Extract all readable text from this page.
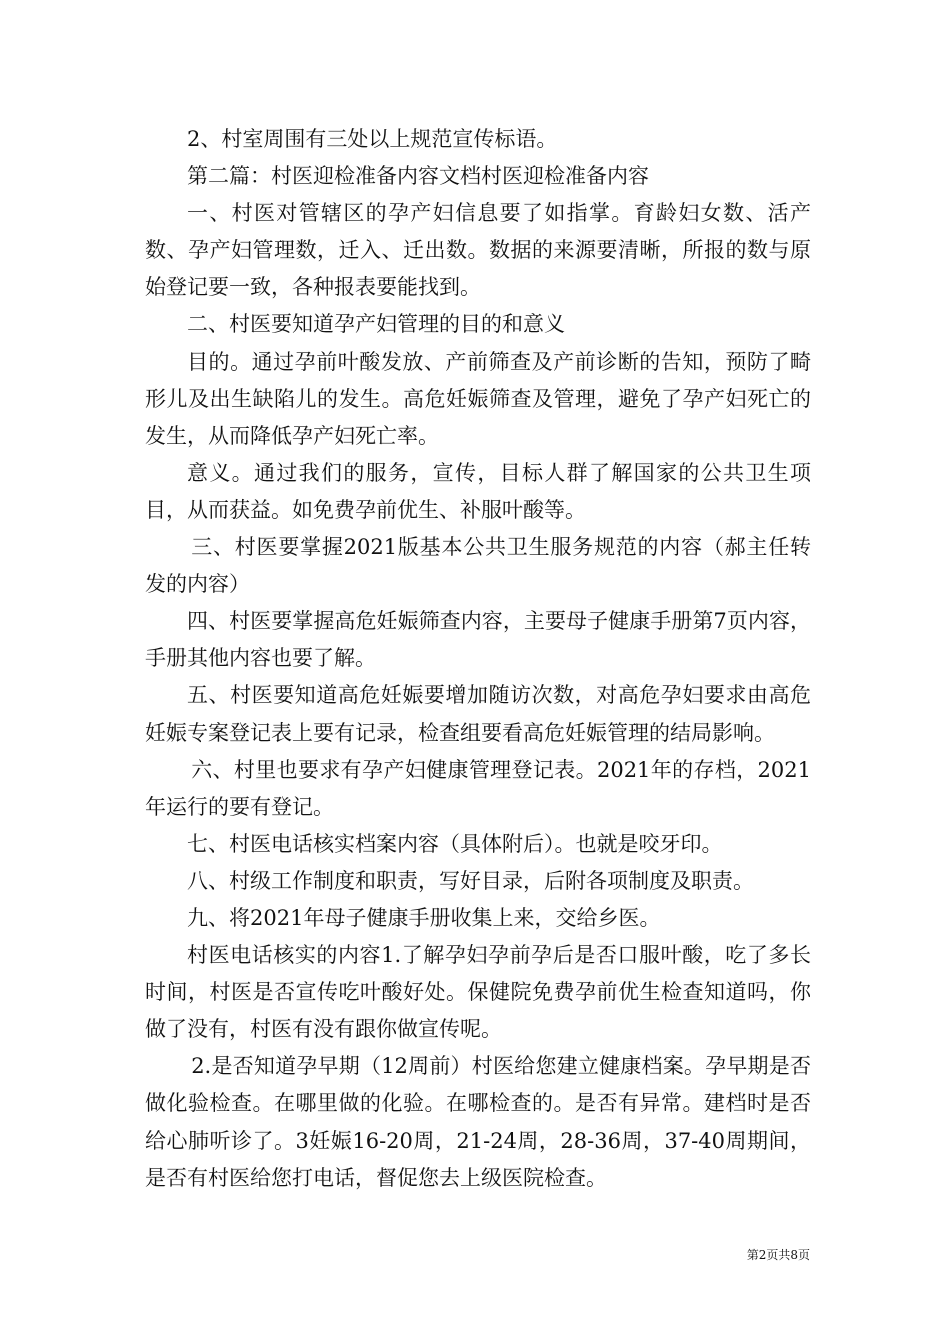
2、村室周围有三处以上规范宣传标语。

第二篇：村医迎检准备内容文档村医迎检准备内容

一、村医对管辖区的孕产妇信息要了如指掌。育龄妇女数、活产数、孕产妇管理数，迁入、迁出数。数据的来源要清晰，所报的数与原始登记要一致，各种报表要能找到。

二、村医要知道孕产妇管理的目的和意义

目的。通过孕前叶酸发放、产前筛查及产前诊断的告知，预防了畸形儿及出生缺陷儿的发生。高危妊娠筛查及管理，避免了孕产妇死亡的发生，从而降低孕产妇死亡率。

意义。通过我们的服务，宣传，目标人群了解国家的公共卫生项目，从而获益。如免费孕前优生、补服叶酸等。

三、村医要掌握2021版基本公共卫生服务规范的内容（郝主任转发的内容）

四、村医要掌握高危妊娠筛查内容，主要母子健康手册第7页内容，手册其他内容也要了解。

五、村医要知道高危妊娠要增加随访次数，对高危孕妇要求由高危妊娠专案登记表上要有记录，检查组要看高危妊娠管理的结局影响。

六、村里也要求有孕产妇健康管理登记表。2021年的存档，2021年运行的要有登记。

七、村医电话核实档案内容（具体附后）。也就是咬牙印。

八、村级工作制度和职责，写好目录，后附各项制度及职责。

九、将2021年母子健康手册收集上来，交给乡医。

村医电话核实的内容1.了解孕妇孕前孕后是否口服叶酸，吃了多长时间，村医是否宣传吃叶酸好处。保健院免费孕前优生检查知道吗，你做了没有，村医有没有跟你做宣传呢。

2.是否知道孕早期（12周前）村医给您建立健康档案。孕早期是否做化验检查。在哪里做的化验。在哪检查的。是否有异常。建档时是否给心肺听诊了。3妊娠16-20周，21-24周，28-36周，37-40周期间，是否有村医给您打电话，督促您去上级医院检查。

第2页共8页
